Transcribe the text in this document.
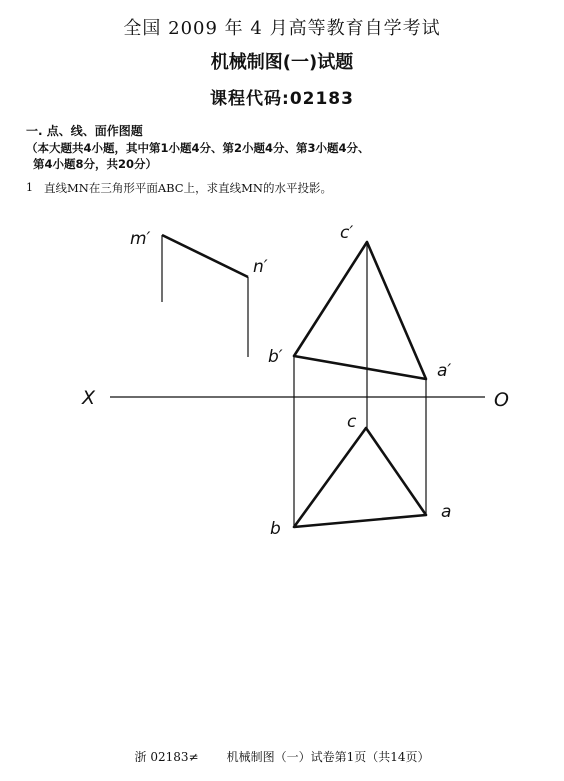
全国 2009 年 4 月高等教育自学考试
机械制图(一)试题
课程代码:02183
一. 点、线、面作图题
（本大题共4小题，其中第1小题4分、第2小题4分、第3小题4分、
第4小题8分，共20分）
1 直线MN在三角形平面ABC上，求直线MN的水平投影。
m′
n′
c′
b′
a′
X	O
c
b
a
浙 02183≠ 机械制图（一）试卷第1页（共14页）
